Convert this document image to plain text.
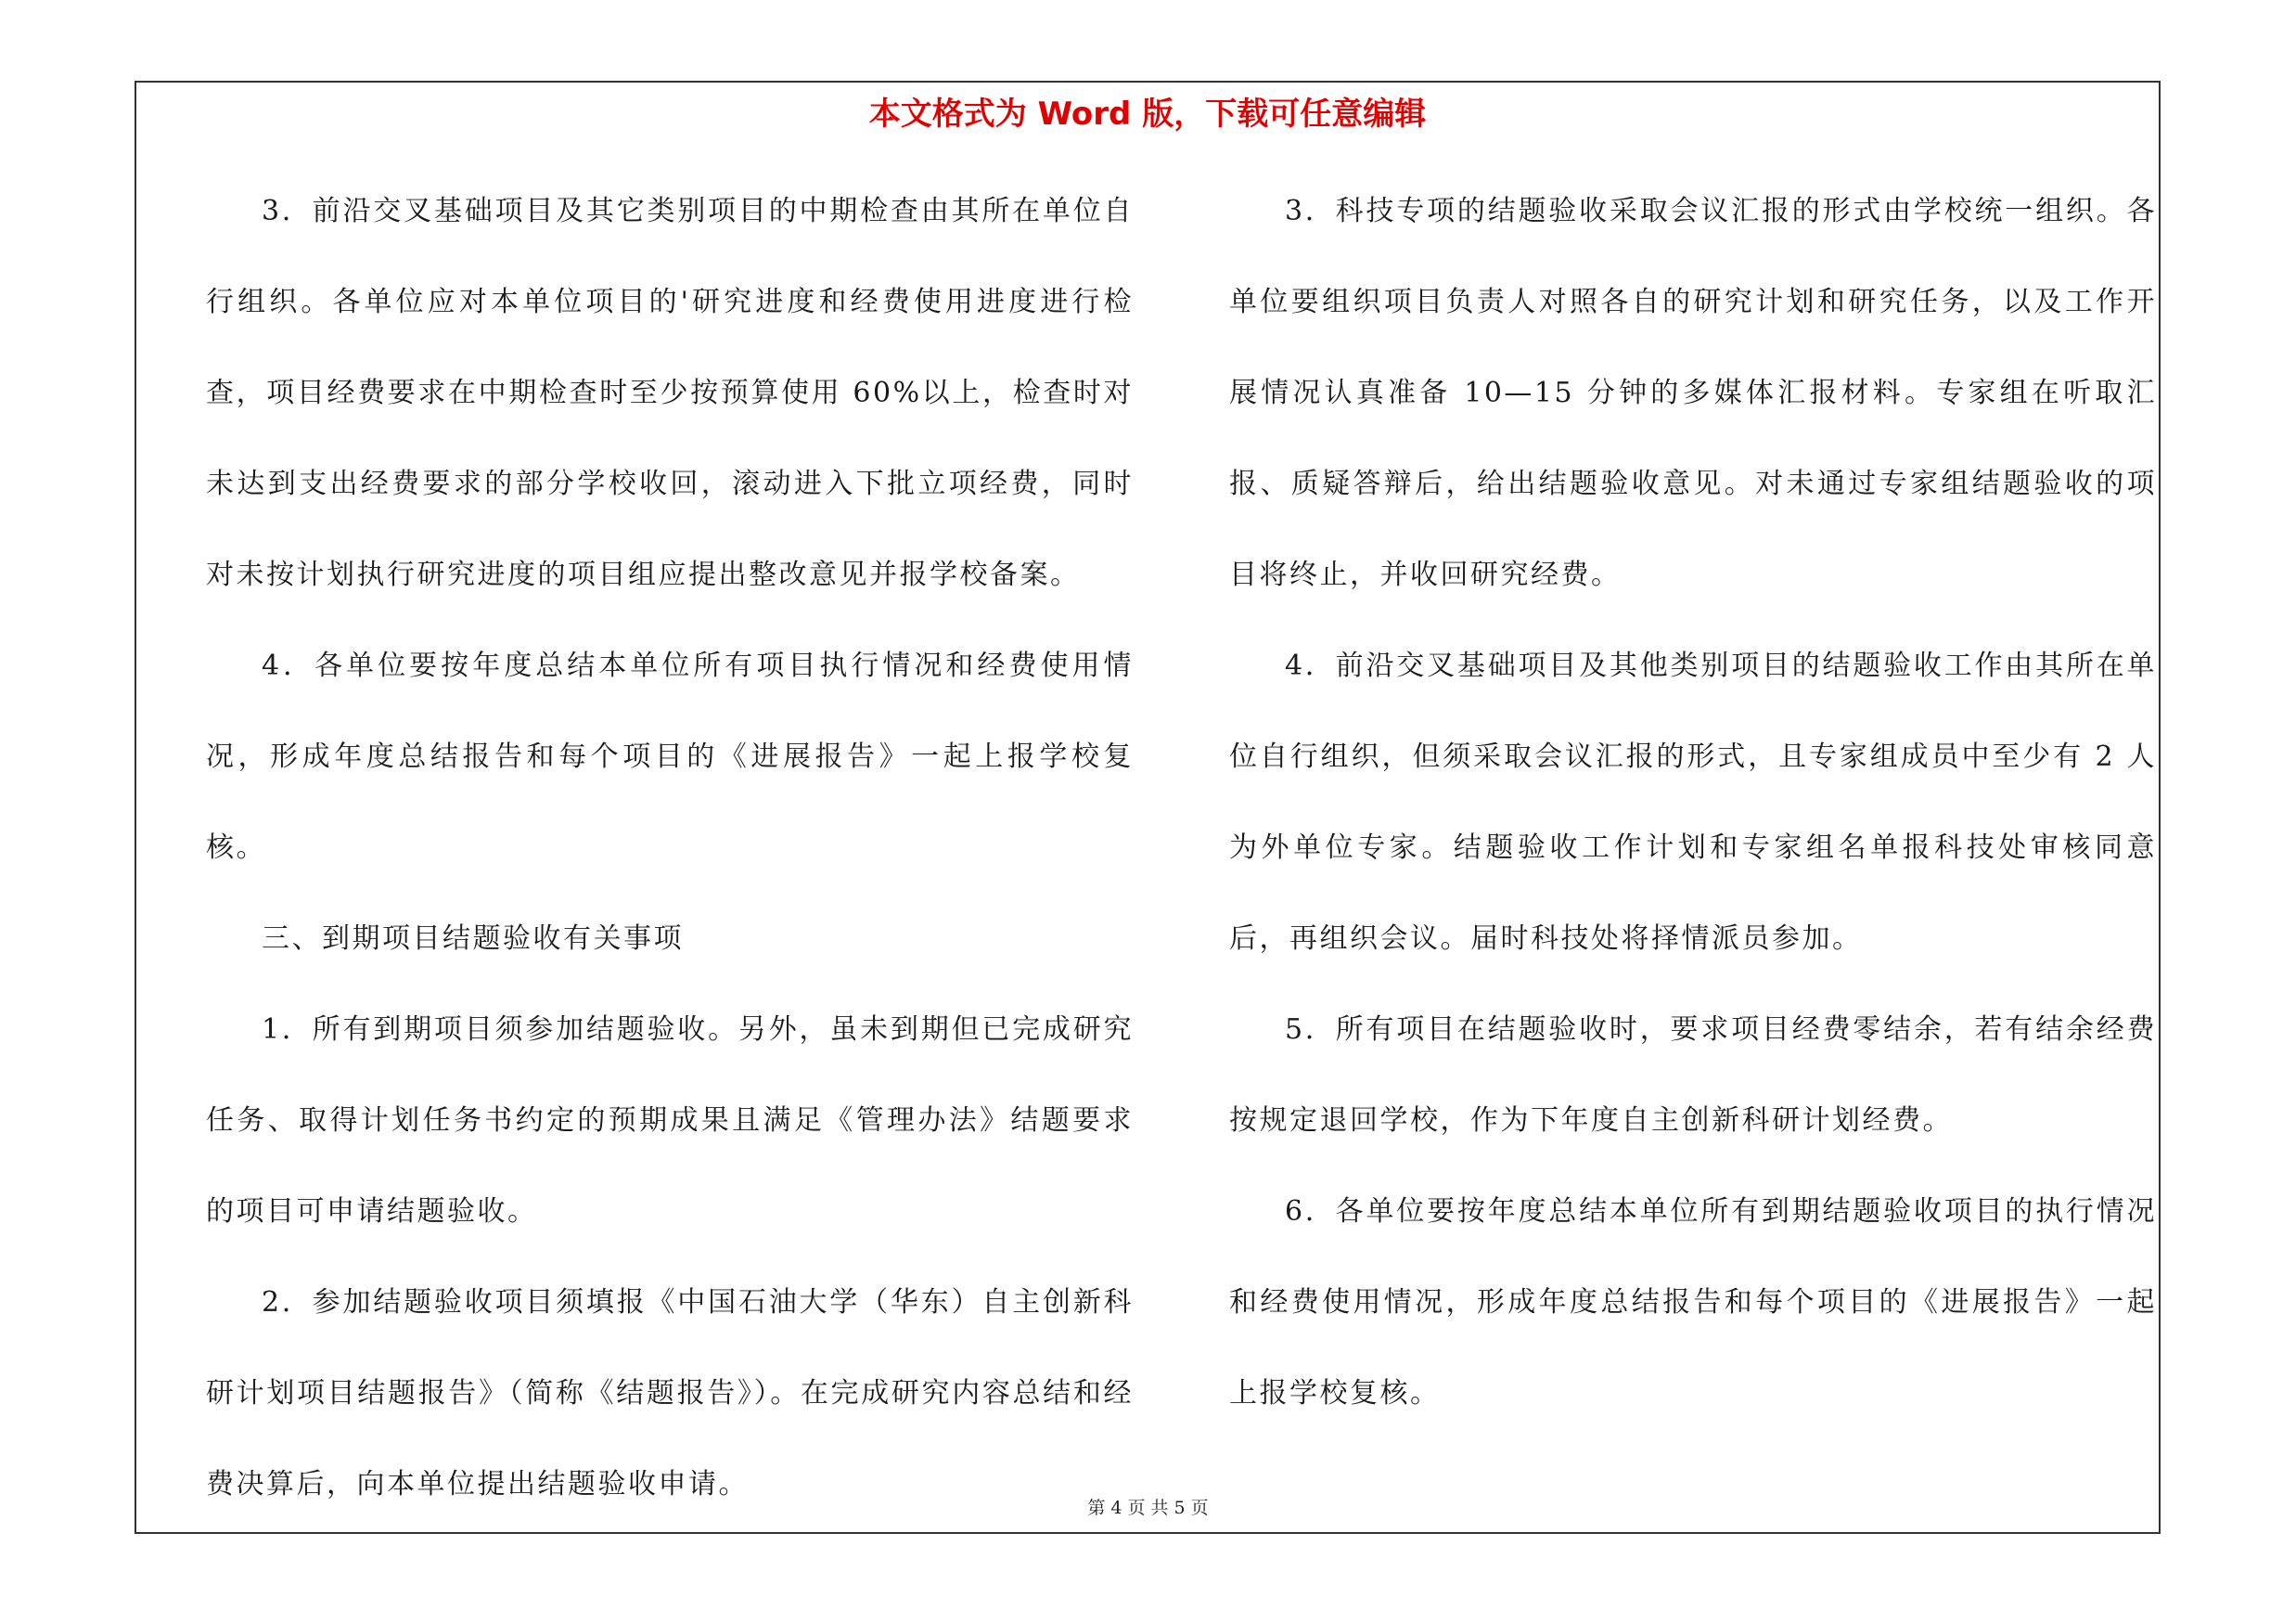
本文格式为 Word 版，下载可任意编辑

3．前沿交叉基础项目及其它类别项目的中期检查由其所在单位自行组织。各单位应对本单位项目的'研究进度和经费使用进度进行检查，项目经费要求在中期检查时至少按预算使用 60%以上，检查时对未达到支出经费要求的部分学校收回，滚动进入下批立项经费，同时对未按计划执行研究进度的项目组应提出整改意见并报学校备案。

4．各单位要按年度总结本单位所有项目执行情况和经费使用情况，形成年度总结报告和每个项目的《进展报告》一起上报学校复核。

三、到期项目结题验收有关事项

1．所有到期项目须参加结题验收。另外，虽未到期但已完成研究任务、取得计划任务书约定的预期成果且满足《管理办法》结题要求的项目可申请结题验收。

2．参加结题验收项目须填报《中国石油大学（华东）自主创新科研计划项目结题报告》（简称《结题报告》）。在完成研究内容总结和经费决算后，向本单位提出结题验收申请。

3．科技专项的结题验收采取会议汇报的形式由学校统一组织。各单位要组织项目负责人对照各自的研究计划和研究任务，以及工作开展情况认真准备 10—15 分钟的多媒体汇报材料。专家组在听取汇报、质疑答辩后，给出结题验收意见。对未通过专家组结题验收的项目将终止，并收回研究经费。

4．前沿交叉基础项目及其他类别项目的结题验收工作由其所在单位自行组织，但须采取会议汇报的形式，且专家组成员中至少有 2 人为外单位专家。结题验收工作计划和专家组名单报科技处审核同意后，再组织会议。届时科技处将择情派员参加。

5．所有项目在结题验收时，要求项目经费零结余，若有结余经费按规定退回学校，作为下年度自主创新科研计划经费。

6．各单位要按年度总结本单位所有到期结题验收项目的执行情况和经费使用情况，形成年度总结报告和每个项目的《进展报告》一起上报学校复核。

第 4 页 共 5 页
